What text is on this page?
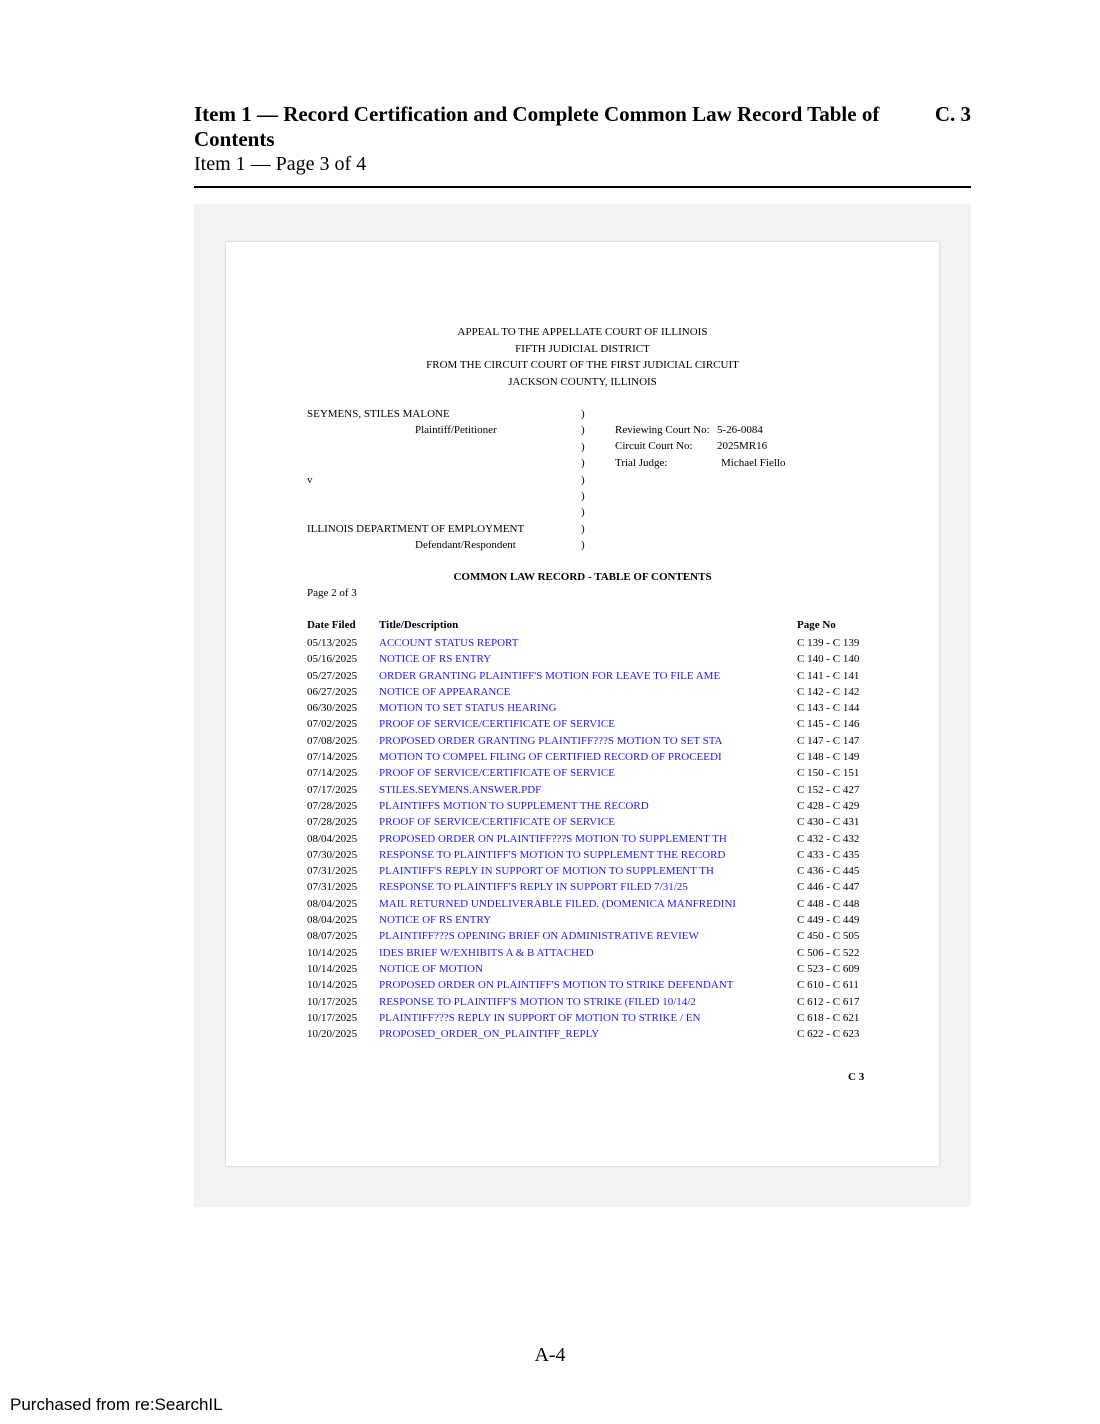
Item 1 — Record Certification and Complete Common Law Record Table of Contents
C. 3
Item 1 — Page 3 of 4
APPEAL TO THE APPELLATE COURT OF ILLINOIS
FIFTH JUDICIAL DISTRICT
FROM THE CIRCUIT COURT OF THE FIRST JUDICIAL CIRCUIT
JACKSON COUNTY, ILLINOIS
SEYMENS, STILES MALONE
Plaintiff/Petitioner

v

ILLINOIS DEPARTMENT OF EMPLOYMENT
Defendant/Respondent
)
)
)
)
)
)
)
)
)
Reviewing Court No: 5-26-0084
Circuit Court No:	2025MR16
Trial Judge:	Michael Fiello
COMMON LAW RECORD - TABLE OF CONTENTS
Page 2 of 3
Date Filed Title/Description	Page No
05/13/2025 ACCOUNT STATUS REPORT	C 139 - C 139
05/16/2025 NOTICE OF RS ENTRY	C 140 - C 140
05/27/2025 ORDER GRANTING PLAINTIFF'S MOTION FOR LEAVE TO FILE AME	C 141 - C 141
06/27/2025 NOTICE OF APPEARANCE	C 142 - C 142
06/30/2025 MOTION TO SET STATUS HEARING	C 143 - C 144
07/02/2025 PROOF OF SERVICE/CERTIFICATE OF SERVICE	C 145 - C 146
07/08/2025 PROPOSED ORDER GRANTING PLAINTIFF???S MOTION TO SET STA	C 147 - C 147
07/14/2025 MOTION TO COMPEL FILING OF CERTIFIED RECORD OF PROCEEDI	C 148 - C 149
07/14/2025 PROOF OF SERVICE/CERTIFICATE OF SERVICE	C 150 - C 151
07/17/2025 STILES.SEYMENS.ANSWER.PDF	C 152 - C 427
07/28/2025 PLAINTIFFS MOTION TO SUPPLEMENT THE RECORD	C 428 - C 429
07/28/2025 PROOF OF SERVICE/CERTIFICATE OF SERVICE	C 430 - C 431
08/04/2025 PROPOSED ORDER ON PLAINTIFF???S MOTION TO SUPPLEMENT TH	C 432 - C 432
07/30/2025 RESPONSE TO PLAINTIFF'S MOTION TO SUPPLEMENT THE RECORD	C 433 - C 435
07/31/2025 PLAINTIFF'S REPLY IN SUPPORT OF MOTION TO SUPPLEMENT TH	C 436 - C 445
07/31/2025 RESPONSE TO PLAINTIFF'S REPLY IN SUPPORT FILED 7/31/25	C 446 - C 447
08/04/2025 MAIL RETURNED UNDELIVERABLE FILED. (DOMENICA MANFREDINI	C 448 - C 448
08/04/2025 NOTICE OF RS ENTRY	C 449 - C 449
08/07/2025 PLAINTIFF???S OPENING BRIEF ON ADMINISTRATIVE REVIEW	C 450 - C 505
10/14/2025 IDES BRIEF W/EXHIBITS A & B ATTACHED	C 506 - C 522
10/14/2025 NOTICE OF MOTION	C 523 - C 609
10/14/2025 PROPOSED ORDER ON PLAINTIFF'S MOTION TO STRIKE DEFENDANT	C 610 - C 611
10/17/2025 RESPONSE TO PLAINTIFF'S MOTION TO STRIKE (FILED 10/14/2	C 612 - C 617
10/17/2025 PLAINTIFF???S REPLY IN SUPPORT OF MOTION TO STRIKE / EN	C 618 - C 621
10/20/2025 PROPOSED_ORDER_ON_PLAINTIFF_REPLY	C 622 - C 623
C 3
A-4
Purchased from re:SearchIL
